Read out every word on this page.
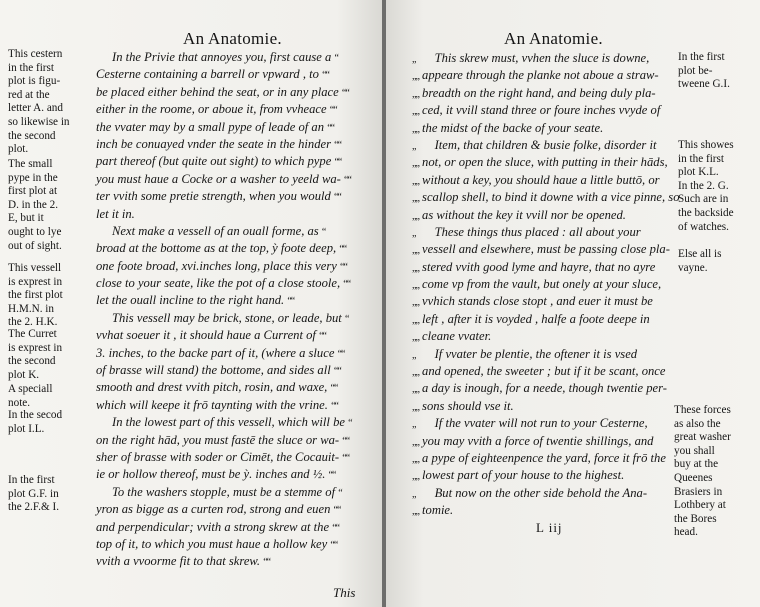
An Anatomie.
This cestern
in the first
plot is figu-
red at the
letter A. and
so likewise in
the second
plot.
The small
pype in the
first plot at
D. in the 2.
E, but it
ought to lye
out of sight.
This vessell
is exprest in
the first plot
H.M.N. in
the 2. H.K.
The Curret
is exprest in
the second
plot K.
A speciall
note.
In the secod
plot I.L.
In the first
plot G.F. in
the 2.F.& I.
In the Privie that annoyes you, first cause a “
Cesterne containing a barrell or vpward , to ““
be placed either behind the seat, or in any place ““
either in the roome, or aboue it, from vvheace ““
the vvater may by a small pype of leade of an ““
inch be conuayed vnder the seate in the hinder ““
part thereof (but quite out sight) to which pype ““
you must haue a Cocke or a washer to yeeld wa- ““
ter vvith some pretie strength, when you would ““
let it in.
Next make a vessell of an ouall forme, as “
broad at the bottome as at the top, ỳ foote deep, ““
one foote broad, xvi.inches long, place this very ““
close to your seate, like the pot of a close stoole, ““
let the ouall incline to the right hand. ““
This vessell may be brick, stone, or leade, but “
vvhat soeuer it , it should haue a Current of ““
3. inches, to the backe part of it, (where a sluce ““
of brasse will stand) the bottome, and sides all ““
smooth and drest vvith pitch, rosin, and waxe, ““
which will keepe it frō taynting with the vrine. ““
In the lowest part of this vessell, which will be “
on the right hād, you must fastē the sluce or wa- ““
sher of brasse with soder or Cimēt, the Cocauit- ““
ie or hollow thereof, must be ỳ. inches and ½. ““
To the washers stopple, must be a stemme of “
yron as bigge as a curten rod, strong and euen ““
and perpendicular; vvith a strong skrew at the ““
top of it, to which you must haue a hollow key ““
vvith a vvoorme fit to that skrew. ““
This
An Anatomie.
„ This skrew must, vvhen the sluce is downe,
„„ appeare through the planke not aboue a straw-
„„ breadth on the right hand, and being duly pla-
„„ ced, it vvill stand three or foure inches vvyde of
„„ the midst of the backe of your seate.
„ Item, that children & busie folke, disorder it
„„ not, or open the sluce, with putting in their hāds,
„„ without a key, you should haue a little buttō, or
„„ scallop shell, to bind it downe with a vice pinne, so
„„ as without the key it vvill nor be opened.
„ These things thus placed : all about your
„„ vessell and elsewhere, must be passing close pla-
„„ stered vvith good lyme and hayre, that no ayre
„„ come vp from the vault, but onely at your sluce,
„„ vvhich stands close stopt , and euer it must be
„„ left , after it is voyded , halfe a foote deepe in
„„ cleane vvater.
„ If vvater be plentie, the oftener it is vsed
„„ and opened, the sweeter ; but if it be scant, once
„„ a day is inough, for a neede, though twentie per-
„„ sons should vse it.
„ If the vvater will not run to your Cesterne,
„„ you may vvith a force of twentie shillings, and
„„ a pype of eighteenpence the yard, force it frō the
„„ lowest part of your house to the highest.
„ But now on the other side behold the Ana-
„„ tomie.
In the first
plot be-
tweene G.I.
This showes
in the first
plot K.L.
In the 2. G.
Such are in
the backside
of watches.
Else all is
vayne.
These forces
as also the
great washer
you shall
buy at the
Queenes
Brasiers in
Lothbery at
the Bores
head.
L iij
